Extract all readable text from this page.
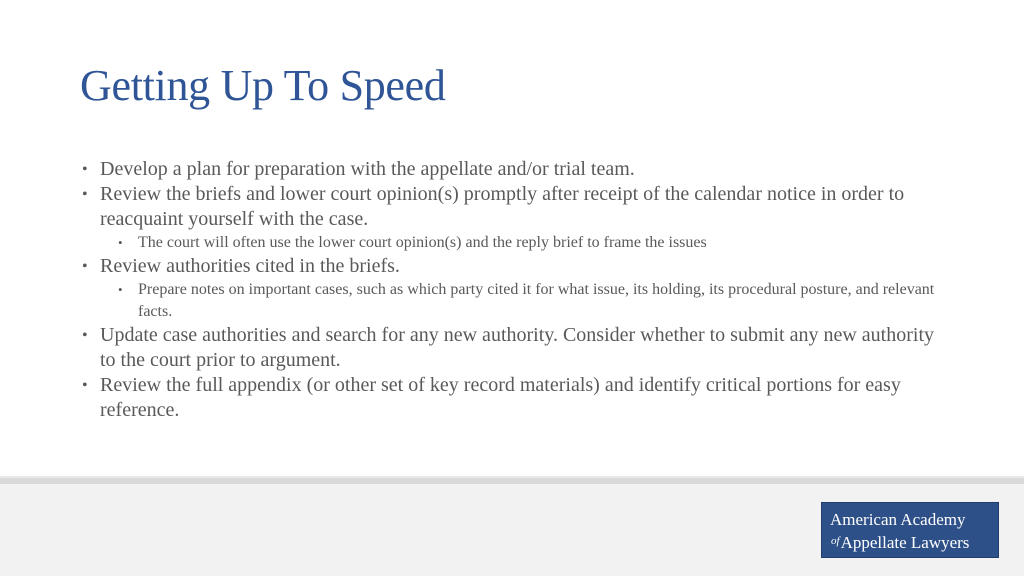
Getting Up To Speed
• Develop a plan for preparation with the appellate and/or trial team.
• Review the briefs and lower court opinion(s) promptly after receipt of the calendar notice in order to reacquaint yourself with the case.
• The court will often use the lower court opinion(s) and the reply brief to frame the issues
• Review authorities cited in the briefs.
• Prepare notes on important cases, such as which party cited it for what issue, its holding, its procedural posture, and relevant facts.
• Update case authorities and search for any new authority. Consider whether to submit any new authority to the court prior to argument.
• Review the full appendix (or other set of key record materials) and identify critical portions for easy reference.
American Academy
$^{of}$Appellate Lawyers
